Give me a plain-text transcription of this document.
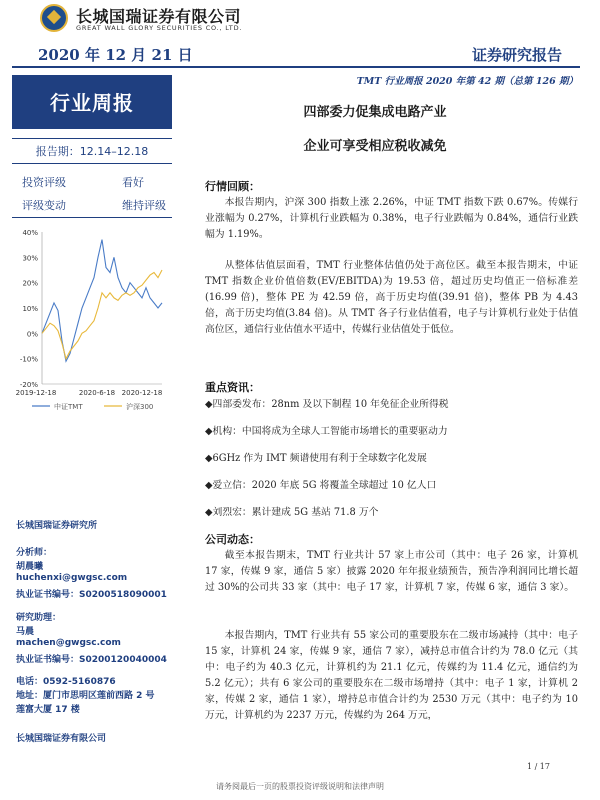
长城国瑞证券有限公司
GREAT WALL GLORY SECURITIES CO., LTD.
2020 年 12 月 21 日	证券研究报告
行业周报
TMT 行业周报 2020 年第 42 期（总第 126 期）
四部委力促集成电路产业
企业可享受相应税收减免
报告期：12.14–12.18
投资评级	看好
评级变动	维持评级
40%
30%
20%
10%
0%
-10%
-20%
2019-12-18	2020-6-18 2020-12-18
中证TMT	沪深300
长城国瑞证券研究所
分析师：
胡晨曦
huchenxi@gwgsc.com
执业证书编号：S0200518090001
研究助理：
马晨
machen@gwgsc.com
执业证书编号：S0200120040004
电话：0592-5160876
地址：厦门市思明区莲前西路 2 号
莲富大厦 17 楼
长城国瑞证券有限公司
行情回顾：
本报告期内，沪深 300 指数上涨 2.26%，中证 TMT 指数下跌 0.67%。传媒行业涨幅为 0.27%，计算机行业跌幅为 0.38%，电子行业跌幅为 0.84%，通信行业跌幅为 1.19%。
从整体估值层面看，TMT 行业整体估值仍处于高位区。截至本报告期末，中证 TMT 指数企业价值倍数(EV/EBITDA)为 19.53 倍，超过历史均值正一倍标准差(16.99 倍)，整体 PE 为 42.59 倍，高于历史均值(39.91 倍)，整体 PB 为 4.43 倍，高于历史均值(3.84 倍)。从 TMT 各子行业估值看，电子与计算机行业处于估值高位区，通信行业估值水平适中，传媒行业估值处于低位。
重点资讯：
◆四部委发布：28nm 及以下制程 10 年免征企业所得税
◆机构：中国将成为全球人工智能市场增长的重要驱动力
◆6GHz 作为 IMT 频谱使用有利于全球数字化发展
◆爱立信：2020 年底 5G 将覆盖全球超过 10 亿人口
◆刘烈宏：累计建成 5G 基站 71.8 万个
公司动态：
截至本报告期末，TMT 行业共计 57 家上市公司（其中：电子 26 家，计算机 17 家，传媒 9 家，通信 5 家）披露 2020 年年报业绩预告，预告净利润同比增长超过 30%的公司共 33 家（其中：电子 17 家，计算机 7 家，传媒 6 家，通信 3 家）。
本报告期内，TMT 行业共有 55 家公司的重要股东在二级市场减持（其中：电子 15 家，计算机 24 家，传媒 9 家，通信 7 家），减持总市值合计约为 78.0 亿元（其中：电子约为 40.3 亿元，计算机约为 21.1 亿元，传媒约为 11.4 亿元，通信约为 5.2 亿元）；共有 6 家公司的重要股东在二级市场增持（其中：电子 1 家，计算机 2 家，传媒 2 家，通信 1 家），增持总市值合计约为 2530 万元（其中：电子约为 10 万元，计算机约为 2237 万元，传媒约为 264 万元，
1 / 17
请务阅最后一页的股票投资评级说明和法律声明
